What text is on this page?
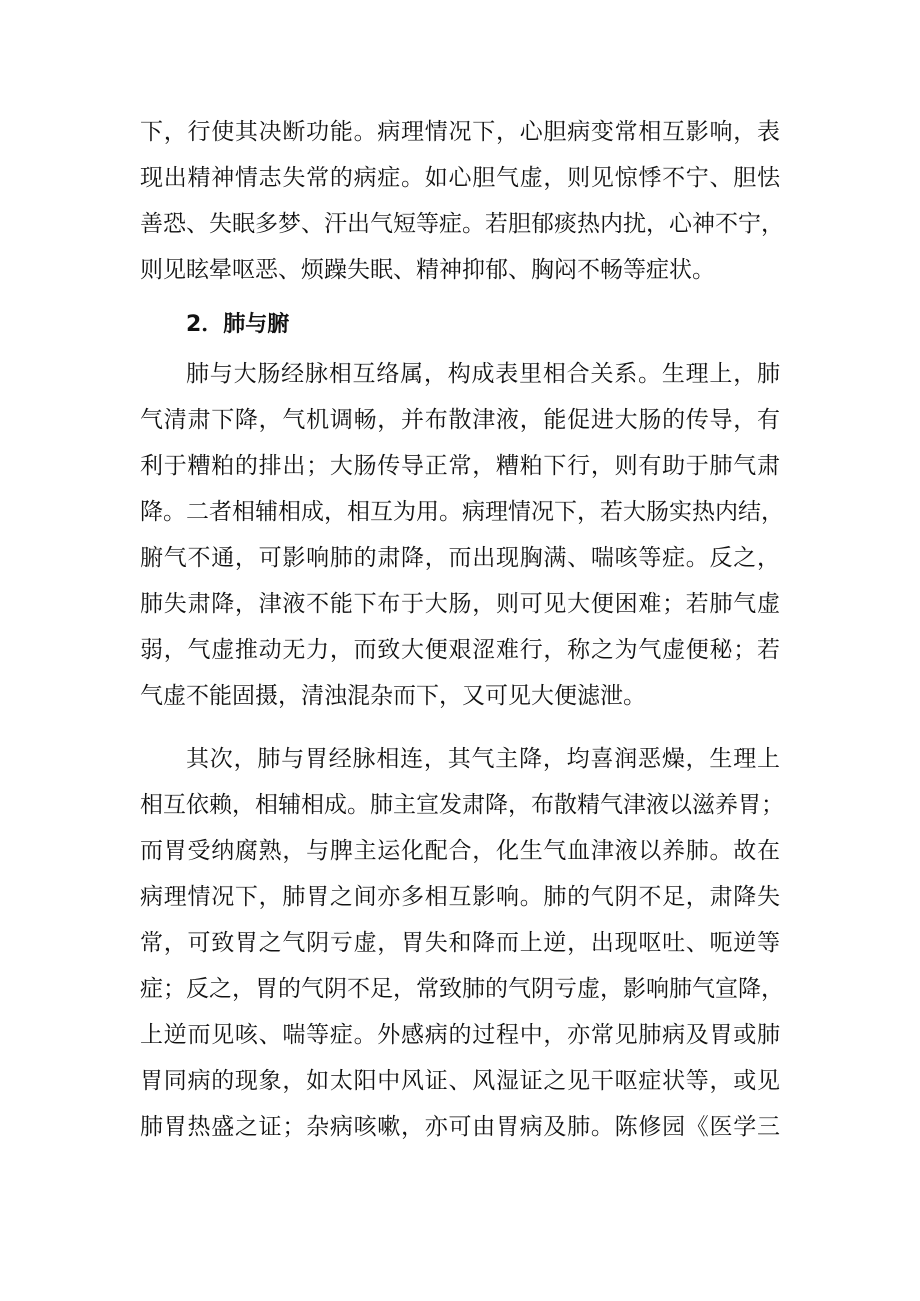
下，行使其决断功能。病理情况下，心胆病变常相互影响，表
现出精神情志失常的病症。如心胆气虚，则见惊悸不宁、胆怯
善恐、失眠多梦、汗出气短等症。若胆郁痰热内扰，心神不宁，
则见眩晕呕恶、烦躁失眠、精神抑郁、胸闷不畅等症状。
2．肺与腑
肺与大肠经脉相互络属，构成表里相合关系。生理上，肺
气清肃下降，气机调畅，并布散津液，能促进大肠的传导，有
利于糟粕的排出；大肠传导正常，糟粕下行，则有助于肺气肃
降。二者相辅相成，相互为用。病理情况下，若大肠实热内结，
腑气不通，可影响肺的肃降，而出现胸满、喘咳等症。反之，
肺失肃降，津液不能下布于大肠，则可见大便困难；若肺气虚
弱，气虚推动无力，而致大便艰涩难行，称之为气虚便秘；若
气虚不能固摄，清浊混杂而下，又可见大便滤泄。
其次，肺与胃经脉相连，其气主降，均喜润恶燥，生理上
相互依赖，相辅相成。肺主宣发肃降，布散精气津液以滋养胃；
而胃受纳腐熟，与脾主运化配合，化生气血津液以养肺。故在
病理情况下，肺胃之间亦多相互影响。肺的气阴不足，肃降失
常，可致胃之气阴亏虚，胃失和降而上逆，出现呕吐、呃逆等
症；反之，胃的气阴不足，常致肺的气阴亏虚，影响肺气宣降，
上逆而见咳、喘等症。外感病的过程中，亦常见肺病及胃或肺
胃同病的现象，如太阳中风证、风湿证之见干呕症状等，或见
肺胃热盛之证；杂病咳嗽，亦可由胃病及肺。陈修园《医学三
